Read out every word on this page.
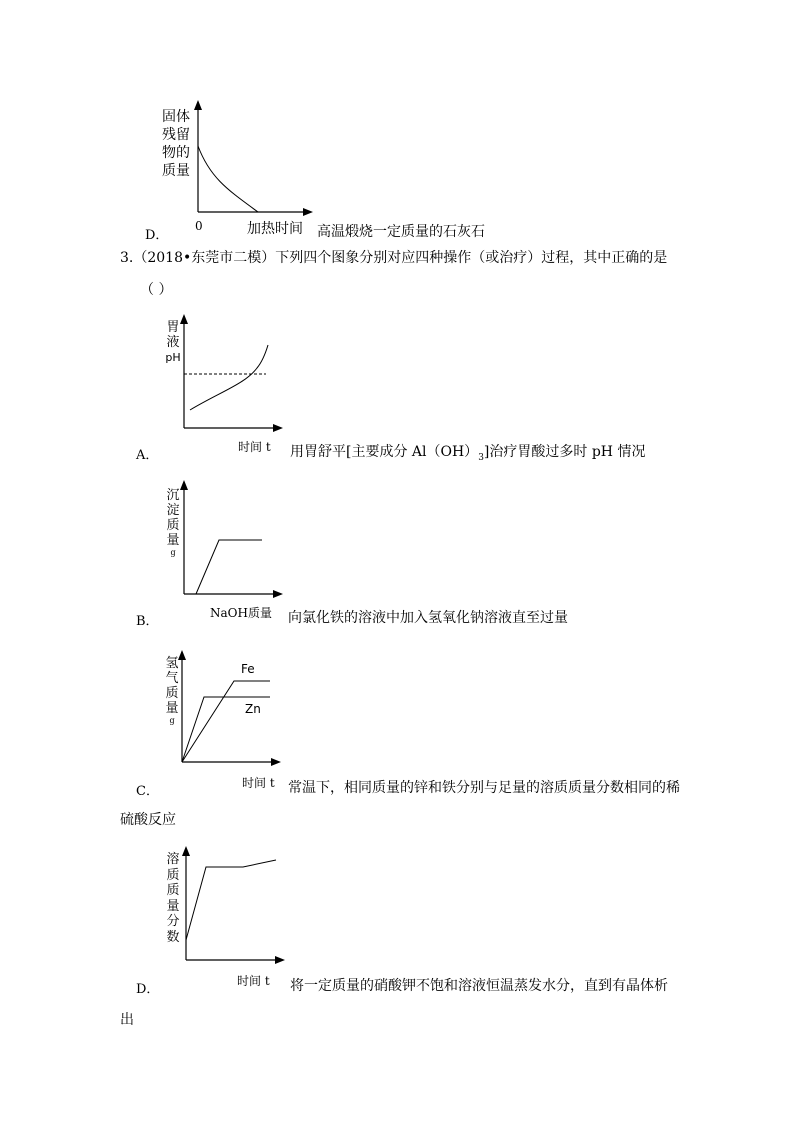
固体
残留
物的
质量
0
D．	加热时间 高温煅烧一定质量的石灰石
3.（2018•东莞市二模）下列四个图象分别对应四种操作（或治疗）过程，其中正确的是
（ ）
胃
液
pH
A．
时间 t 用胃舒平[主要成分 $Al(OH)_3$]治疗胃酸过多时 pH 情况
沉
淀
质
量
g
B．
NaOH质量 向氯化铁的溶液中加入氢氧化钠溶液直至过量
氢
气
质
量
g
Fe
Zn
C．
时间 t 常温下，相同质量的锌和铁分别与足量的溶质质量分数相同的稀
硫酸反应
溶
质
质
量
分
数
D．
时间 t 将一定质量的硝酸钾不饱和溶液恒温蒸发水分，直到有晶体析
出
